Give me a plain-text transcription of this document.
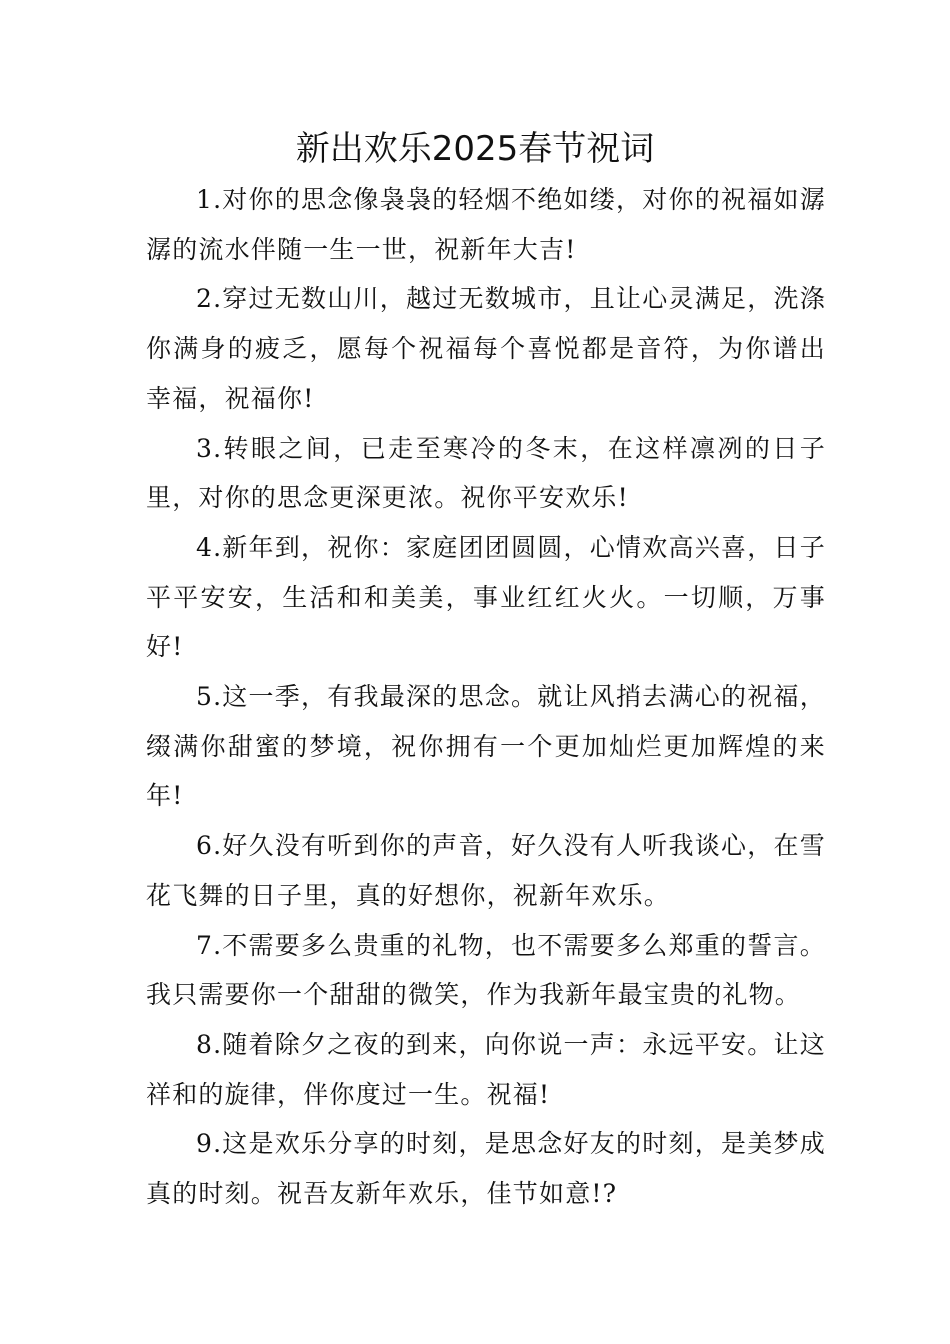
新出欢乐2025春节祝词

1.对你的思念像袅袅的轻烟不绝如缕，对你的祝福如潺潺的流水伴随一生一世，祝新年大吉!

2.穿过无数山川，越过无数城市，且让心灵满足，洗涤你满身的疲乏，愿每个祝福每个喜悦都是音符，为你谱出幸福，祝福你!

3.转眼之间，已走至寒冷的冬末，在这样凛冽的日子里，对你的思念更深更浓。祝你平安欢乐!

4.新年到，祝你：家庭团团圆圆，心情欢高兴喜，日子平平安安，生活和和美美，事业红红火火。一切顺，万事好!

5.这一季，有我最深的思念。就让风捎去满心的祝福，缀满你甜蜜的梦境，祝你拥有一个更加灿烂更加辉煌的来年!

6.好久没有听到你的声音，好久没有人听我谈心，在雪花飞舞的日子里，真的好想你，祝新年欢乐。

7.不需要多么贵重的礼物，也不需要多么郑重的誓言。我只需要你一个甜甜的微笑，作为我新年最宝贵的礼物。

8.随着除夕之夜的到来，向你说一声：永远平安。让这祥和的旋律，伴你度过一生。祝福!

9.这是欢乐分享的时刻，是思念好友的时刻，是美梦成真的时刻。祝吾友新年欢乐，佳节如意!?
